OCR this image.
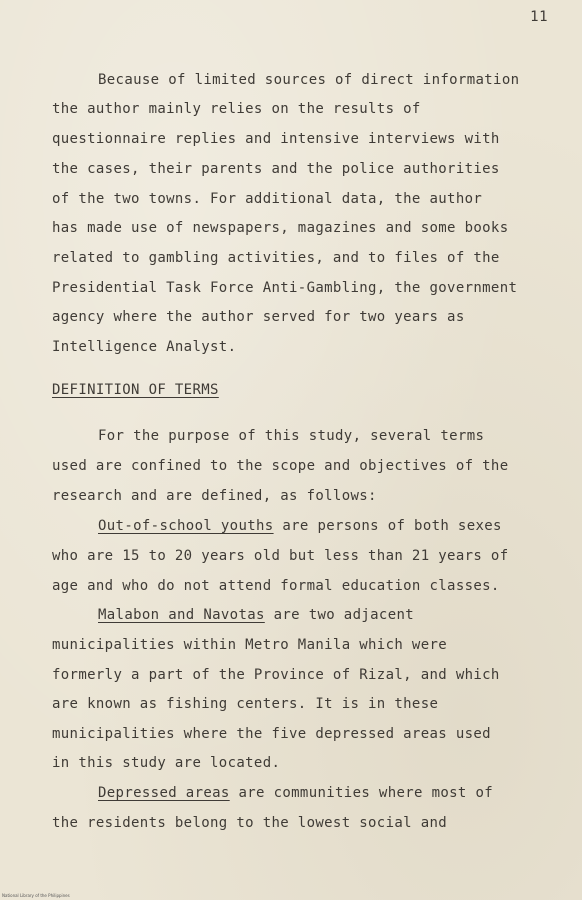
11
Because of limited sources of direct information
the author mainly relies on the results of
questionnaire replies and intensive interviews with
the cases, their parents and the police authorities
of the two towns. For additional data, the author
has made use of newspapers, magazines and some books
related to gambling activities, and to files of the
Presidential Task Force Anti-Gambling, the government
agency where the author served for two years as
Intelligence Analyst.
DEFINITION OF TERMS
For the purpose of this study, several terms
used are confined to the scope and objectives of the
research and are defined, as follows:
Out-of-school youths are persons of both sexes
who are 15 to 20 years old but less than 21 years of
age and who do not attend formal education classes.
Malabon and Navotas are two adjacent
municipalities within Metro Manila which were
formerly a part of the Province of Rizal, and which
are known as fishing centers. It is in these
municipalities where the five depressed areas used
in this study are located.
Depressed areas are communities where most of
the residents belong to the lowest social and
National Library of the Philippines
